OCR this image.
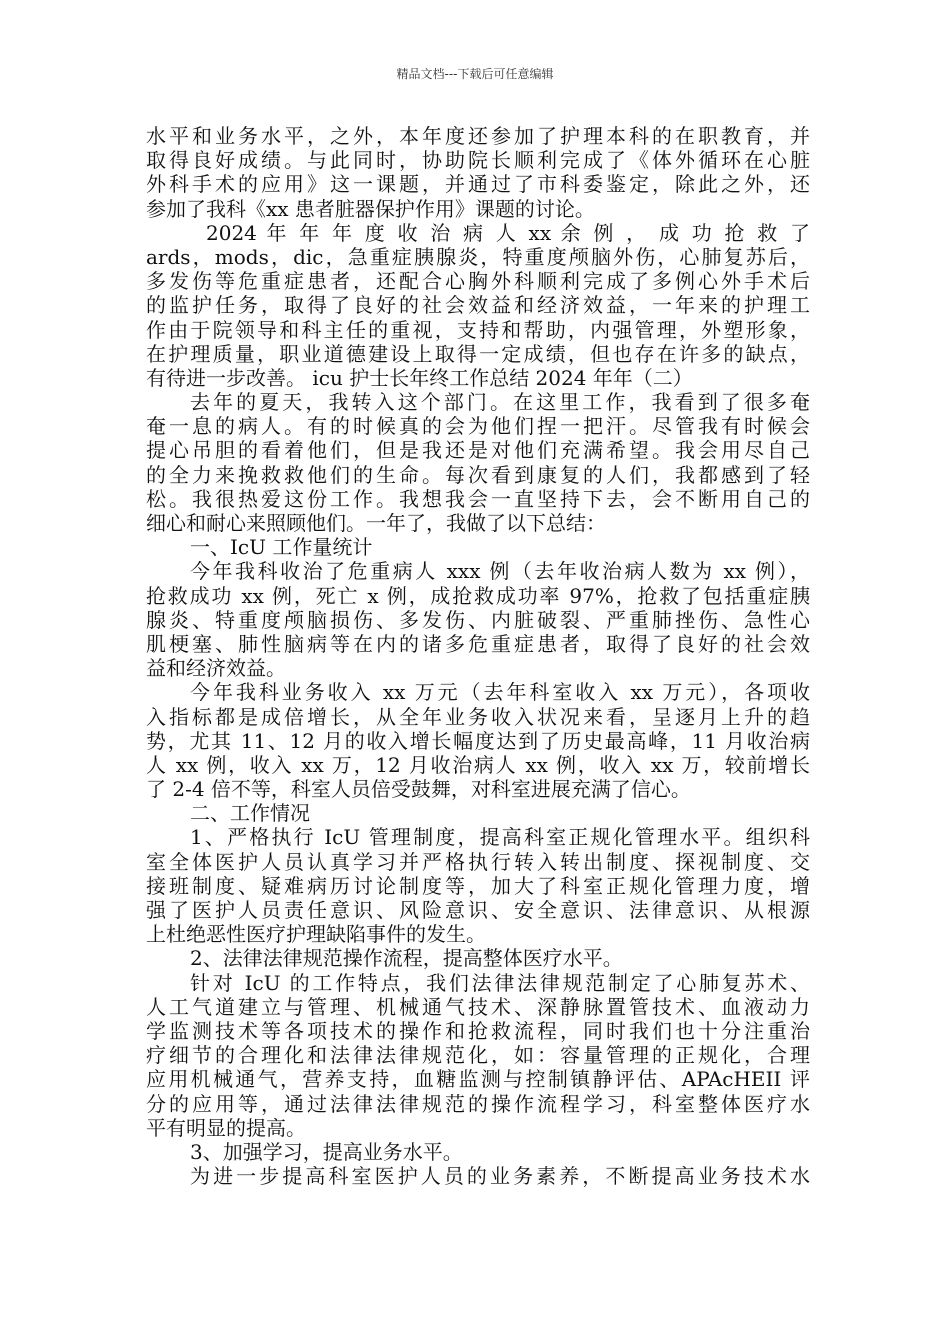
精品文档---下载后可任意编辑
水平和业务水平，之外，本年度还参加了护理本科的在职教育，并
取得良好成绩。与此同时，协助院长顺利完成了《体外循环在心脏
外科手术的应用》这一课题，并通过了市科委鉴定，除此之外，还
参加了我科《xx 患者脏器保护作用》课题的讨论。
2024 年 年 年 度 收 治 病 人 xx 余 例 ， 成 功 抢 救 了
ards，mods，dic，急重症胰腺炎，特重度颅脑外伤，心肺复苏后，
多发伤等危重症患者，还配合心胸外科顺利完成了多例心外手术后
的监护任务，取得了良好的社会效益和经济效益，一年来的护理工
作由于院领导和科主任的重视，支持和帮助，内强管理，外塑形象，
在护理质量，职业道德建设上取得一定成绩，但也存在许多的缺点，
有待进一步改善。 icu 护士长年终工作总结 2024 年年（二）
去年的夏天，我转入这个部门。在这里工作，我看到了很多奄
奄一息的病人。有的时候真的会为他们捏一把汗。尽管我有时候会
提心吊胆的看着他们，但是我还是对他们充满希望。我会用尽自己
的全力来挽救救他们的生命。每次看到康复的人们，我都感到了轻
松。我很热爱这份工作。我想我会一直坚持下去，会不断用自己的
细心和耐心来照顾他们。一年了，我做了以下总结：
一、IcU 工作量统计
今年我科收治了危重病人 xxx 例（去年收治病人数为 xx 例），
抢救成功 xx 例，死亡 x 例，成抢救成功率 97%，抢救了包括重症胰
腺炎、特重度颅脑损伤、多发伤、内脏破裂、严重肺挫伤、急性心
肌梗塞、肺性脑病等在内的诸多危重症患者，取得了良好的社会效
益和经济效益。
今年我科业务收入 xx 万元（去年科室收入 xx 万元），各项收
入指标都是成倍增长，从全年业务收入状况来看，呈逐月上升的趋
势，尤其 11、12 月的收入增长幅度达到了历史最高峰，11 月收治病
人 xx 例，收入 xx 万，12 月收治病人 xx 例，收入 xx 万，较前增长
了 2-4 倍不等，科室人员倍受鼓舞，对科室进展充满了信心。
二、工作情况
1、严格执行 IcU 管理制度，提高科室正规化管理水平。组织科
室全体医护人员认真学习并严格执行转入转出制度、探视制度、交
接班制度、疑难病历讨论制度等，加大了科室正规化管理力度，增
强了医护人员责任意识、风险意识、安全意识、法律意识、从根源
上杜绝恶性医疗护理缺陷事件的发生。
2、法律法律规范操作流程，提高整体医疗水平。
针对 IcU 的工作特点，我们法律法律规范制定了心肺复苏术、
人工气道建立与管理、机械通气技术、深静脉置管技术、血液动力
学监测技术等各项技术的操作和抢救流程，同时我们也十分注重治
疗细节的合理化和法律法律规范化，如：容量管理的正规化，合理
应用机械通气，营养支持，血糖监测与控制镇静评估、APAcHEII 评
分的应用等，通过法律法律规范的操作流程学习，科室整体医疗水
平有明显的提高。
3、加强学习，提高业务水平。
为进一步提高科室医护人员的业务素养，不断提高业务技术水
